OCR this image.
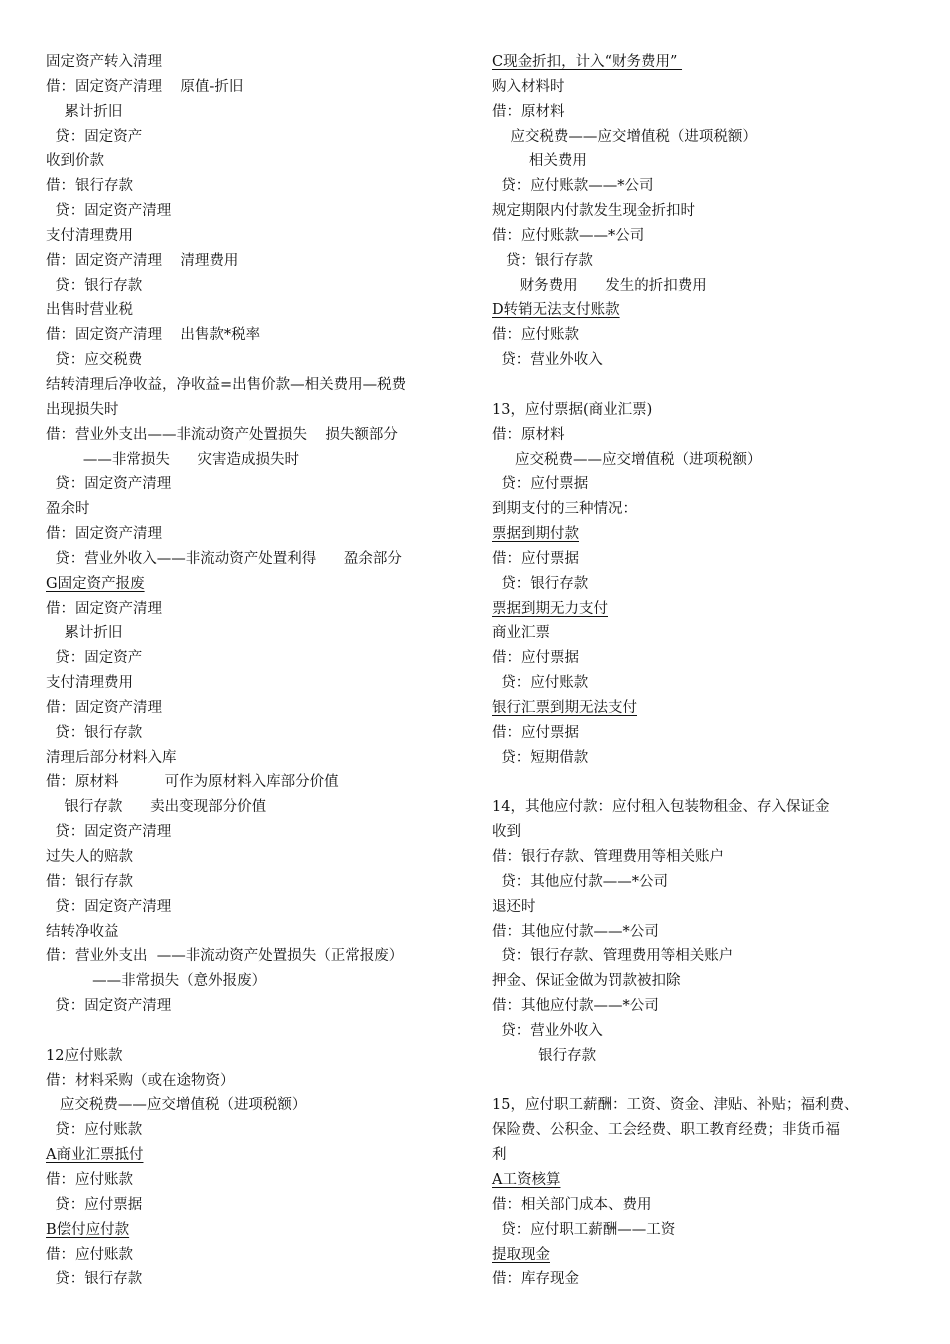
固定资产转入清理
借：固定资产清理    原值-折旧
累计折旧
贷：固定资产
收到价款
借：银行存款
贷：固定资产清理
支付清理费用
借：固定资产清理    清理费用
贷：银行存款
出售时营业税
借：固定资产清理    出售款*税率
贷：应交税费
结转清理后净收益，净收益=出售价款—相关费用—税费
出现损失时
借：营业外支出——非流动资产处置损失    损失额部分
——非常损失      灾害造成损失时
贷：固定资产清理
盈余时
借：固定资产清理
贷：营业外收入——非流动资产处置利得      盈余部分
G固定资产报废
借：固定资产清理
累计折旧
贷：固定资产
支付清理费用
借：固定资产清理
贷：银行存款
清理后部分材料入库
借：原材料          可作为原材料入库部分价值
银行存款      卖出变现部分价值
贷：固定资产清理
过失人的赔款
借：银行存款
贷：固定资产清理
结转净收益
借：营业外支出  ——非流动资产处置损失（正常报废）
——非常损失（意外报废）
贷：固定资产清理
12应付账款
借：材料采购（或在途物资）
应交税费——应交增值税（进项税额）
贷：应付账款
A商业汇票抵付
借：应付账款
贷：应付票据
B偿付应付款
借：应付账款
贷：银行存款
C现金折扣，计入“财务费用”
购入材料时
借：原材料
应交税费——应交增值税（进项税额）
相关费用
贷：应付账款——*公司
规定期限内付款发生现金折扣时
借：应付账款——*公司
贷：银行存款
财务费用      发生的折扣费用
D转销无法支付账款
借：应付账款
贷：营业外收入
13，应付票据(商业汇票)
借：原材料
应交税费——应交增值税（进项税额）
贷：应付票据
到期支付的三种情况：
票据到期付款
借：应付票据
贷：银行存款
票据到期无力支付
商业汇票
借：应付票据
贷：应付账款
银行汇票到期无法支付
借：应付票据
贷：短期借款
14，其他应付款：应付租入包装物租金、存入保证金
收到
借：银行存款、管理费用等相关账户
贷：其他应付款——*公司
退还时
借：其他应付款——*公司
贷：银行存款、管理费用等相关账户
押金、保证金做为罚款被扣除
借：其他应付款——*公司
贷：营业外收入
银行存款
15，应付职工薪酬：工资、资金、津贴、补贴；福利费、
保险费、公积金、工会经费、职工教育经费；非货币福
利
A工资核算
借：相关部门成本、费用
贷：应付职工薪酬——工资
提取现金
借：库存现金
